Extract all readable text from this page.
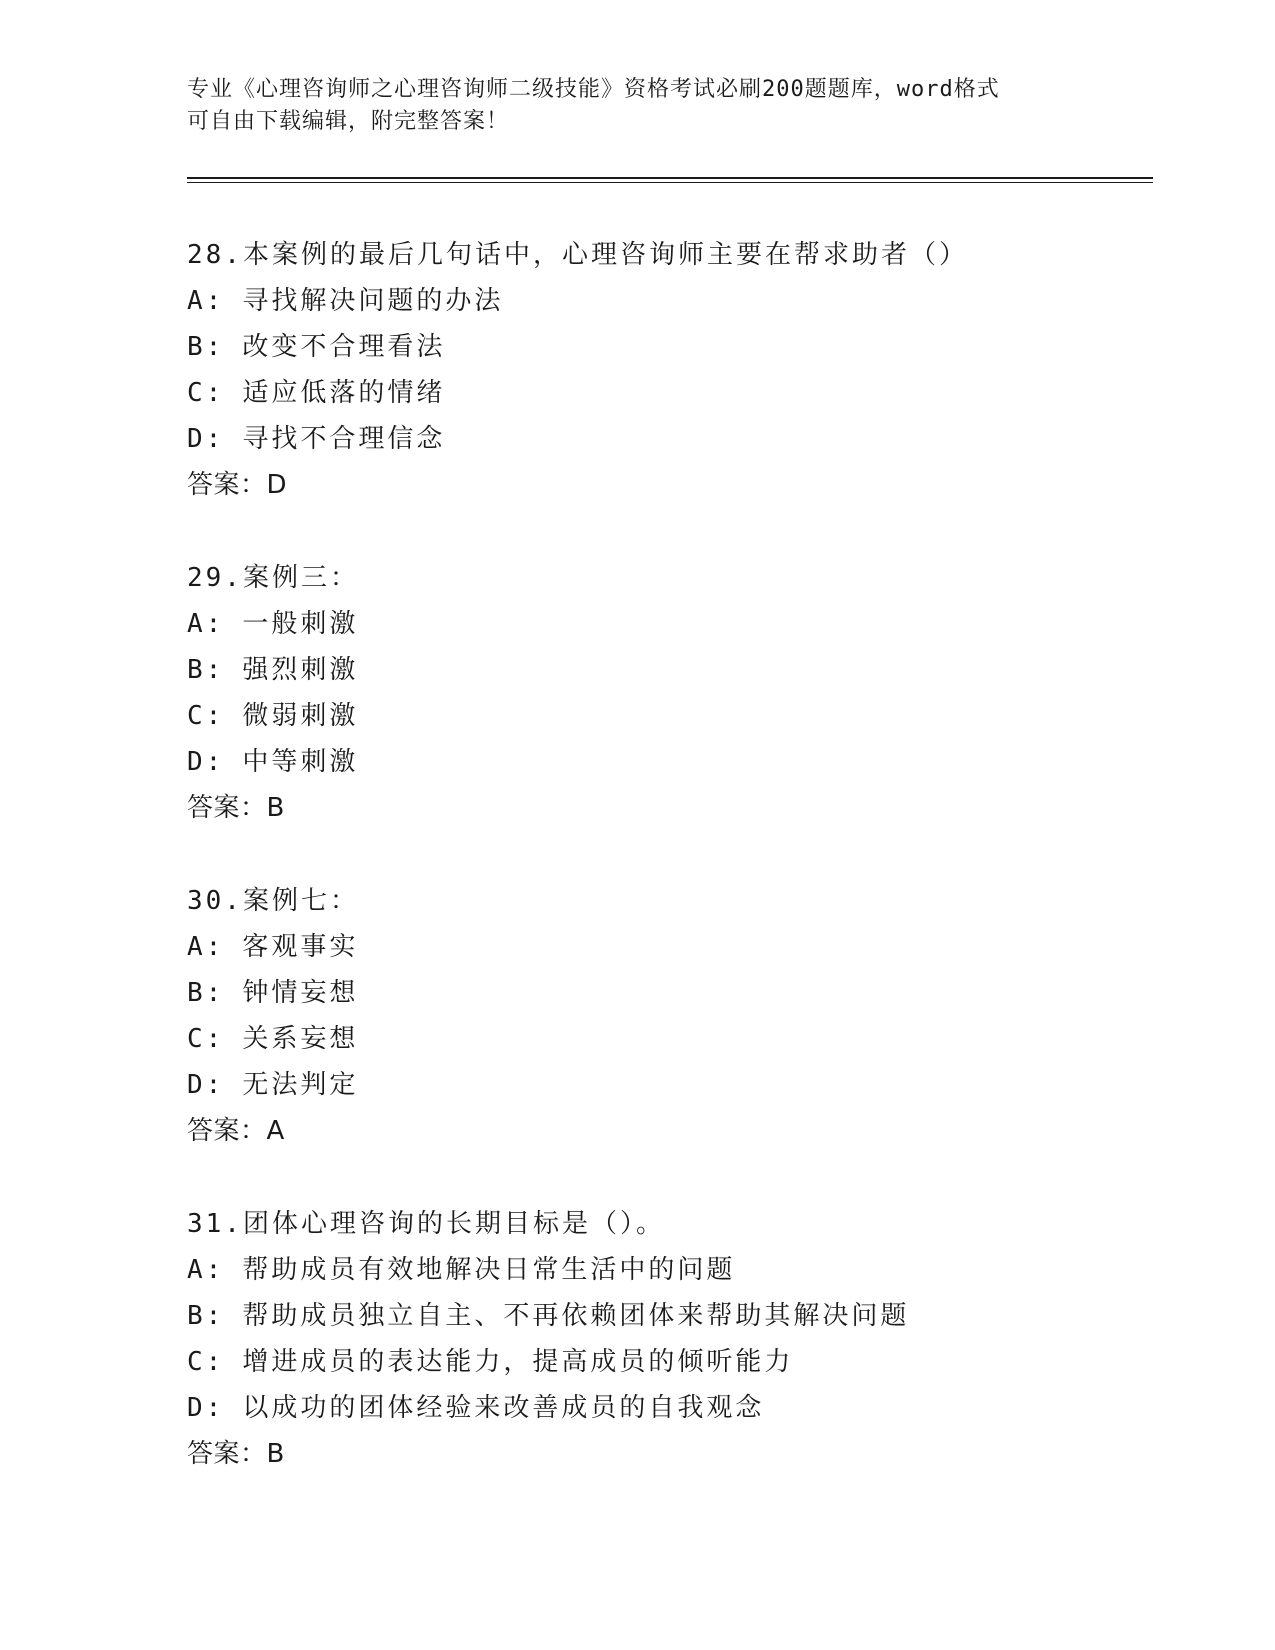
专业《心理咨询师之心理咨询师二级技能》资格考试必刷200题题库，word格式
可自由下载编辑，附完整答案！
28.本案例的最后几句话中，心理咨询师主要在帮求助者（）
A: 寻找解决问题的办法
B: 改变不合理看法
C: 适应低落的情绪
D: 寻找不合理信念
答案：D
29.案例三：
A: 一般刺激
B: 强烈刺激
C: 微弱刺激
D: 中等刺激
答案：B
30.案例七：
A: 客观事实
B: 钟情妄想
C: 关系妄想
D: 无法判定
答案：A
31.团体心理咨询的长期目标是（）。
A: 帮助成员有效地解决日常生活中的问题
B: 帮助成员独立自主、不再依赖团体来帮助其解决问题
C: 增进成员的表达能力，提高成员的倾听能力
D: 以成功的团体经验来改善成员的自我观念
答案：B
